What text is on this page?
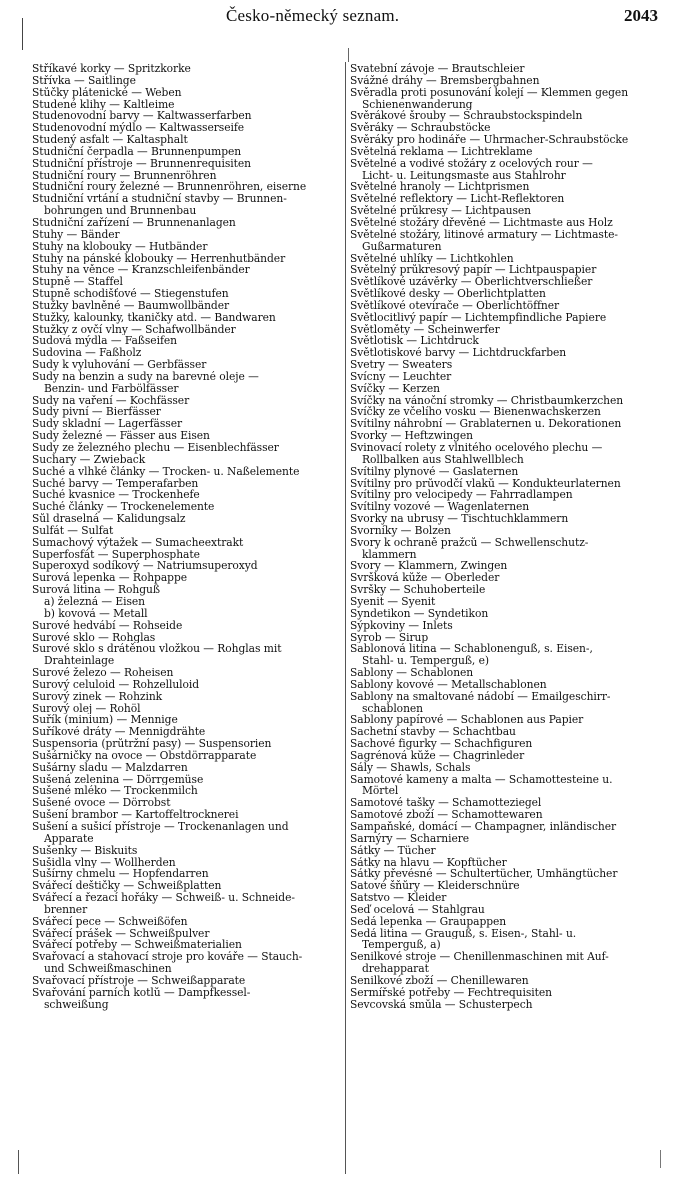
Česko-německý seznam.	2043
Stříkavé korky — Spritzkorke
Střívka — Saitlinge
Stůčky plátenické — Weben
Studené klihy — Kaltleime
Studenovodní barvy — Kaltwasserfarben
Studenovodní mýdlo — Kaltwasserseife
Studený asfalt — Kaltasphalt
Studniční čerpadla — Brunnenpumpen
Studniční přístroje — Brunnenrequisiten
Studniční roury — Brunnenröhren
Studniční roury železné — Brunnenröhren, eiserne
Studniční vrtání a studniční stavby — Brunnen-
bohrungen und Brunnenbau
Studniční zařízení — Brunnenanlagen
Stuhy — Bänder
Stuhy na klobouky — Hutbänder
Stuhy na pánské klobouky — Herrenhutbänder
Stuhy na věnce — Kranzschleifenbänder
Stupně — Staffel
Stupně schodišťové — Stiegenstufen
Stužky bavlněné — Baumwollbänder
Stužky, kalounky, tkaničky atd. — Bandwaren
Stužky z ovčí vlny — Schafwollbänder
Sudová mýdla — Faßseifen
Sudovina — Faßholz
Sudy k vyluhování — Gerbfässer
Sudy na benzin a sudy na barevné oleje —
Benzin- und Farbölfässer
Sudy na vaření — Kochfässer
Sudy pivní — Bierfässer
Sudy skladní — Lagerfässer
Sudy železné — Fässer aus Eisen
Sudy ze železného plechu — Eisenblechfässer
Suchary — Zwieback
Suché a vlhké články — Trocken- u. Naßelemente
Suché barvy — Temperafarben
Suché kvasnice — Trockenhefe
Suché články — Trockenelemente
Sůl draselná — Kalidungsalz
Sulfát — Sulfat
Sumachový výtažek — Sumacheextrakt
Superfosfát — Superphosphate
Superoxyd sodíkový — Natriumsuperoxyd
Surová lepenka — Rohpappe
Surová litina — Rohguß
a) železná — Eisen
b) kovová — Metall
Surové hedvábí — Rohseide
Surové sklo — Rohglas
Surové sklo s drátěnou vložkou — Rohglas mit
Drahteinlage
Surové železo — Roheisen
Surový celuloid — Rohzelluloid
Surový zinek — Rohzink
Surový olej — Rohöl
Suřík (minium) — Mennige
Suříkové dráty — Mennigdrähte
Suspensoria (průtržní pasy) — Suspensorien
Sušárničky na ovoce — Obstdörrapparate
Sušárny sladu — Malzdarren
Sušená zelenina — Dörrgemüse
Sušené mléko — Trockenmilch
Sušené ovoce — Dörrobst
Sušení brambor — Kartoffeltrocknerei
Sušení a sušicí přístroje — Trockenanlagen und
Apparate
Sušenky — Biskuits
Sušidla vlny — Wollherden
Sušírny chmelu — Hopfendarren
Svářecí deštičky — Schweißplatten
Svářecí a řezací hořáky — Schweiß- u. Schneide-
brenner
Svářecí pece — Schweißöfen
Svářecí prášek — Schweißpulver
Svářecí potřeby — Schweißmaterialien
Svařovací a stahovací stroje pro kováře — Stauch-
und Schweißmaschinen
Svařovací přístroje — Schweißapparate
Svařování parních kotlů — Dampfkessel-
schweißung
Svatební závoje — Brautschleier
Svážné dráhy — Bremsbergbahnen
Svěradla proti posunování kolejí — Klemmen gegen
Schienenwanderung
Svěrákové šrouby — Schraubstockspindeln
Svěráky — Schraubstöcke
Svěráky pro hodináře — Uhrmacher-Schraubstöcke
Světelná reklama — Lichtreklame
Světelné a vodivé stožáry z ocelových rour —
Licht- u. Leitungsmaste aus Stahlrohr
Světelné hranoly — Lichtprismen
Světelné reflektory — Licht-Reflektoren
Světelné průkresy — Lichtpausen
Světelné stožáry dřevěné — Lichtmaste aus Holz
Světelné stožáry, litinové armatury — Lichtmaste-
Gußarmaturen
Světelné uhlíky — Lichtkohlen
Světelný průkresový papír — Lichtpauspapier
Světlíkové uzávěrky — Oberlichtverschließer
Světlíkové desky — Oberlichtplatten
Světlíkové otevírače — Oberlichtöffner
Světlocitlivý papír — Lichtempfindliche Papiere
Světloměty — Scheinwerfer
Světlotisk — Lichtdruck
Světlotiskové barvy — Lichtdruckfarben
Svetry — Sweaters
Svícny — Leuchter
Svíčky — Kerzen
Svíčky na vánoční stromky — Christbaumkerzchen
Svíčky ze včelího vosku — Bienenwachskerzen
Svítilny náhrobní — Grablaternen u. Dekorationen
Svorky — Heftzwingen
Svinovací rolety z vlnitého ocelového plechu —
Rollbalken aus Stahlwellblech
Svítilny plynové — Gaslaternen
Svítilny pro průvodčí vlaků — Kondukteurlaternen
Svítilny pro velocipedy — Fahrradlampen
Svítilny vozové — Wagenlaternen
Svorky na ubrusy — Tischtuchklammern
Svorníky — Bolzen
Svory k ochraně pražců — Schwellenschutz-
klammern
Svory — Klammern, Zwingen
Svršková kůže — Oberleder
Svršky — Schuhoberteile
Syenit — Syenit
Syndetikon — Syndetikon
Sýpkoviny — Inlets
Syrob — Sirup
Šablonová litina — Schablonenguß, s. Eisen-,
Stahl- u. Temperguß, e)
Šablony — Schablonen
Šablony kovové — Metallschablonen
Šablony na smaltované nádobí — Emailgeschirr-
schablonen
Šablony papírové — Schablonen aus Papier
Šachetní stavby — Schachtbau
Šachové figurky — Schachfiguren
Šagrénová kůže — Chagrinleder
Šály — Shawls, Schals
Šamotové kameny a malta — Schamottesteine u.
Mörtel
Šamotové tašky — Schamotteziegel
Šamotové zboží — Schamottewaren
Šampaňské, domácí — Champagner, inländischer
Šarnýry — Scharniere
Šátky — Tücher
Šátky na hlavu — Kopftücher
Šátky převésné — Schultertücher, Umhängtücher
Šatové šňůry — Kleiderschnüre
Šatstvo — Kleider
Šeď ocelová — Stahlgrau
Šedá lepenka — Graupappen
Šedá litina — Grauguß, s. Eisen-, Stahl- u.
Temperguß, a)
Šenilkové stroje — Chenillenmaschinen mit Auf-
drehapparat
Šenilkové zboží — Chenillewaren
Šermířské potřeby — Fechtrequisiten
Ševcovská smůla — Schusterpech
